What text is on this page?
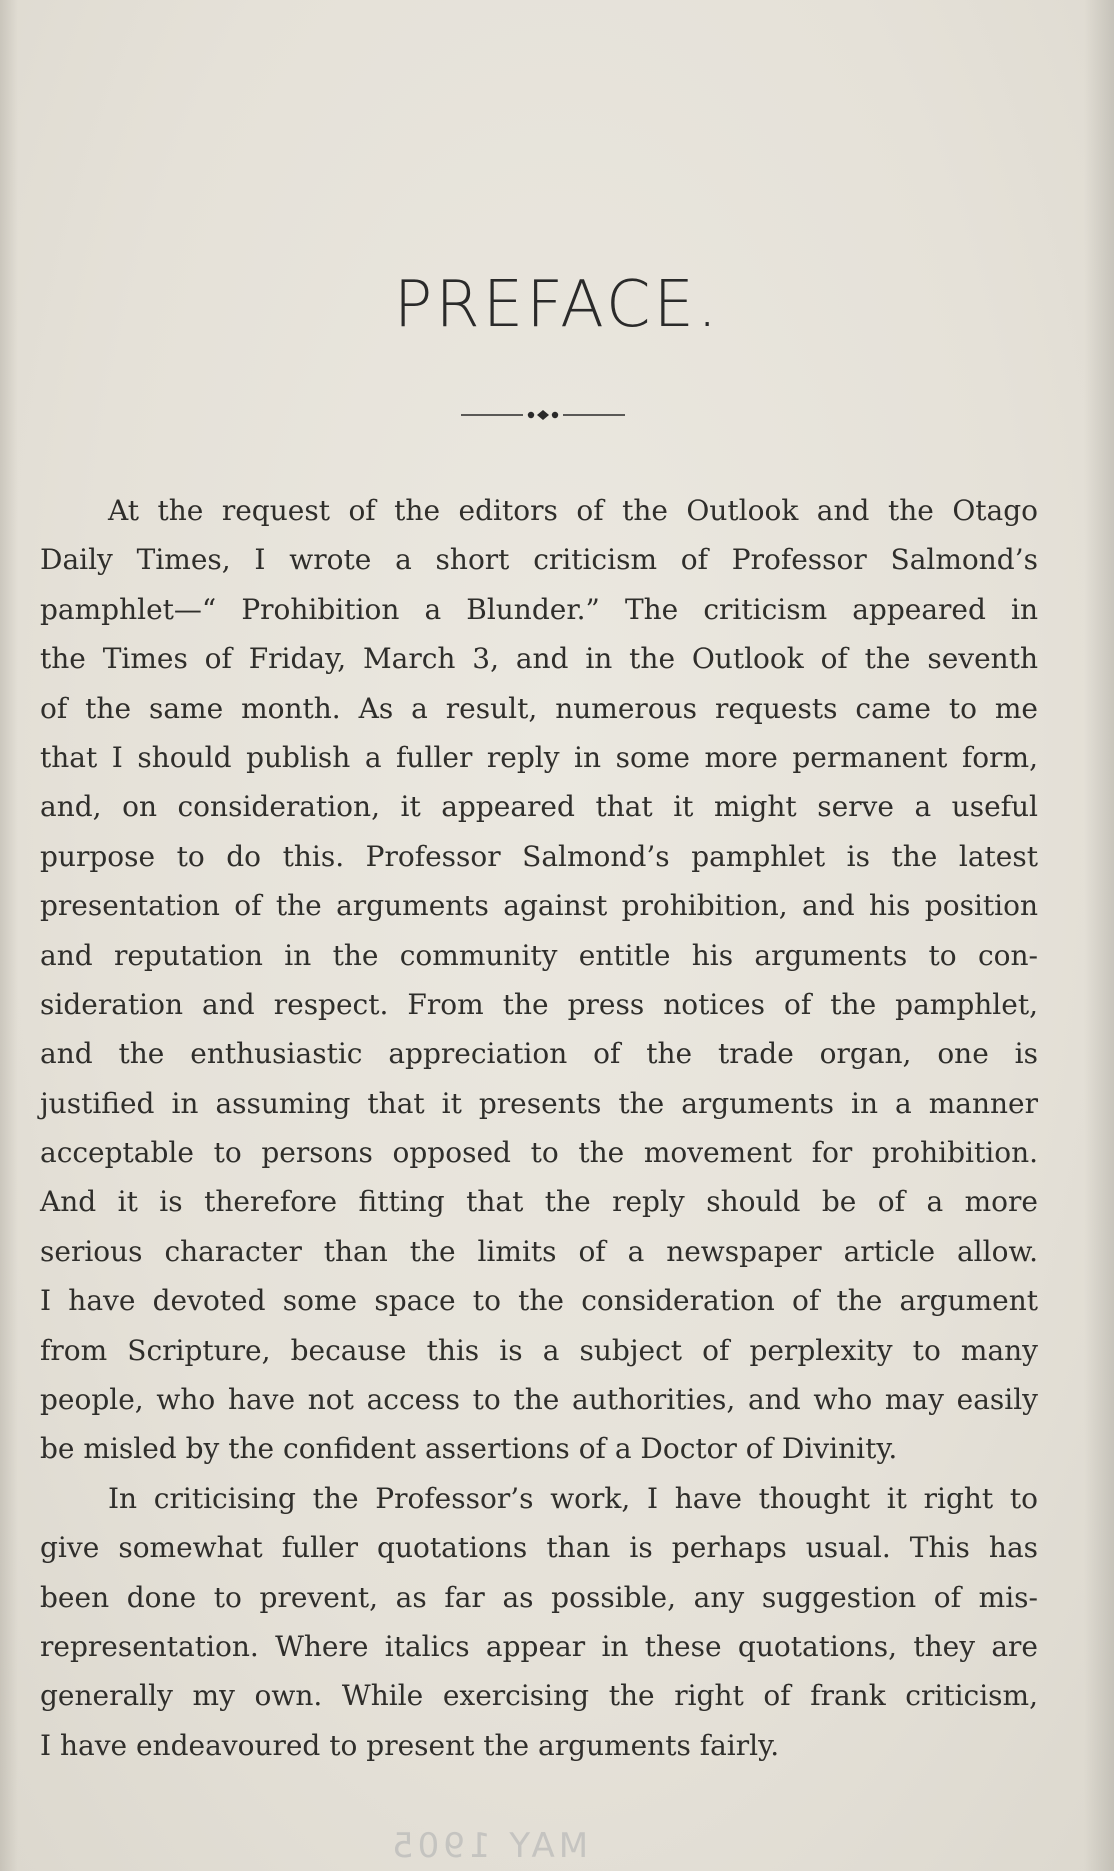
PREFACE.
At the request of the editors of the Outlook and the Otago
Daily Times, I wrote a short criticism of Professor Salmond’s
pamphlet—“ Prohibition a Blunder.” The criticism appeared in
the Times of Friday, March 3, and in the Outlook of the seventh
of the same month. As a result, numerous requests came to me
that I should publish a fuller reply in some more permanent form,
and, on consideration, it appeared that it might serve a useful
purpose to do this. Professor Salmond’s pamphlet is the latest
presentation of the arguments against prohibition, and his position
and reputation in the community entitle his arguments to con-
sideration and respect. From the press notices of the pamphlet,
and the enthusiastic appreciation of the trade organ, one is
justified in assuming that it presents the arguments in a manner
acceptable to persons opposed to the movement for prohibition.
And it is therefore fitting that the reply should be of a more
serious character than the limits of a newspaper article allow.
I have devoted some space to the consideration of the argument
from Scripture, because this is a subject of perplexity to many
people, who have not access to the authorities, and who may easily
be misled by the confident assertions of a Doctor of Divinity.
In criticising the Professor’s work, I have thought it right to
give somewhat fuller quotations than is perhaps usual. This has
been done to prevent, as far as possible, any suggestion of mis-
representation. Where italics appear in these quotations, they are
generally my own. While exercising the right of frank criticism,
I have endeavoured to present the arguments fairly.
MAY 1905
